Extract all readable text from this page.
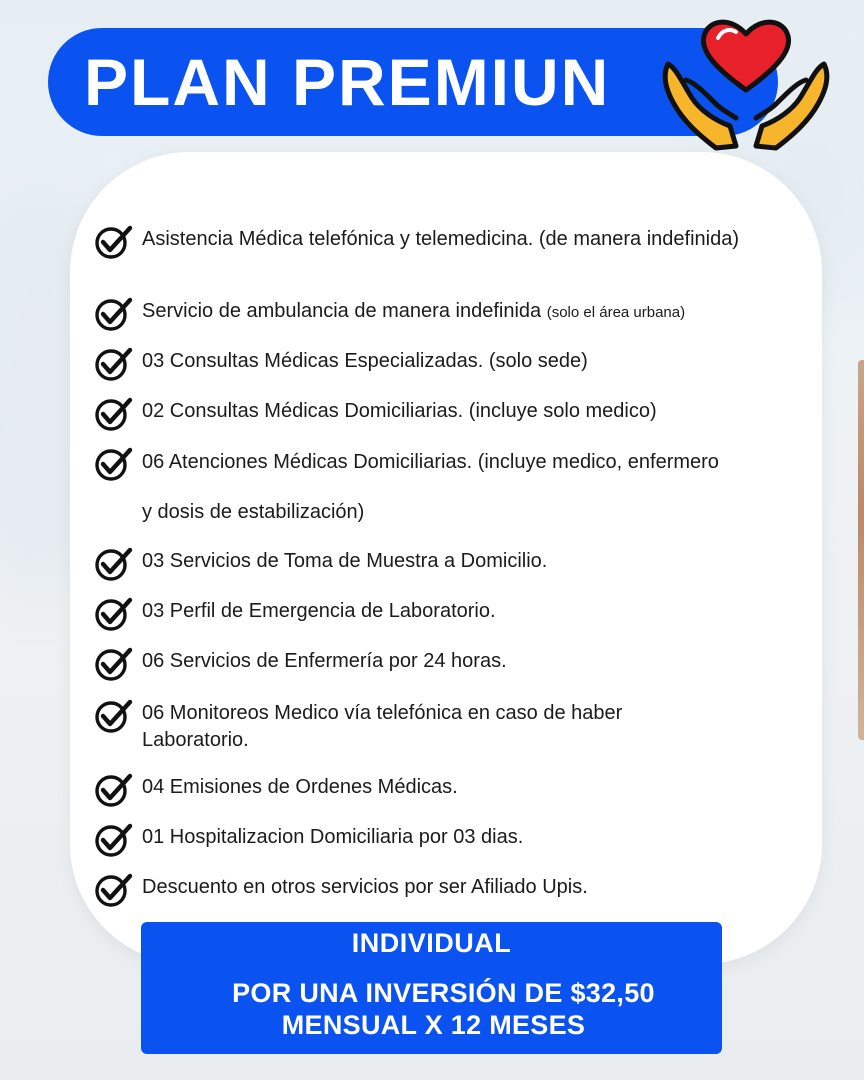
PLAN PREMIUN
Asistencia Médica telefónica y telemedicina. (de manera indefinida)
Servicio de ambulancia de manera indefinida (solo el área urbana)
03 Consultas Médicas Especializadas. (solo sede)
02 Consultas Médicas Domiciliarias. (incluye solo medico)
06 Atenciones Médicas Domiciliarias. (incluye medico, enfermero y dosis de estabilización)
03 Servicios de Toma de Muestra a Domicilio.
03 Perfil de Emergencia de Laboratorio.
06 Servicios de Enfermería por 24 horas.
06 Monitoreos Medico vía telefónica en caso de haber Laboratorio.
04 Emisiones de Ordenes Médicas.
01 Hospitalizacion Domiciliaria por 03 dias.
Descuento en otros servicios por ser Afiliado Upis.
INDIVIDUAL
POR UNA INVERSIÓN DE $32,50
MENSUAL X 12 MESES
